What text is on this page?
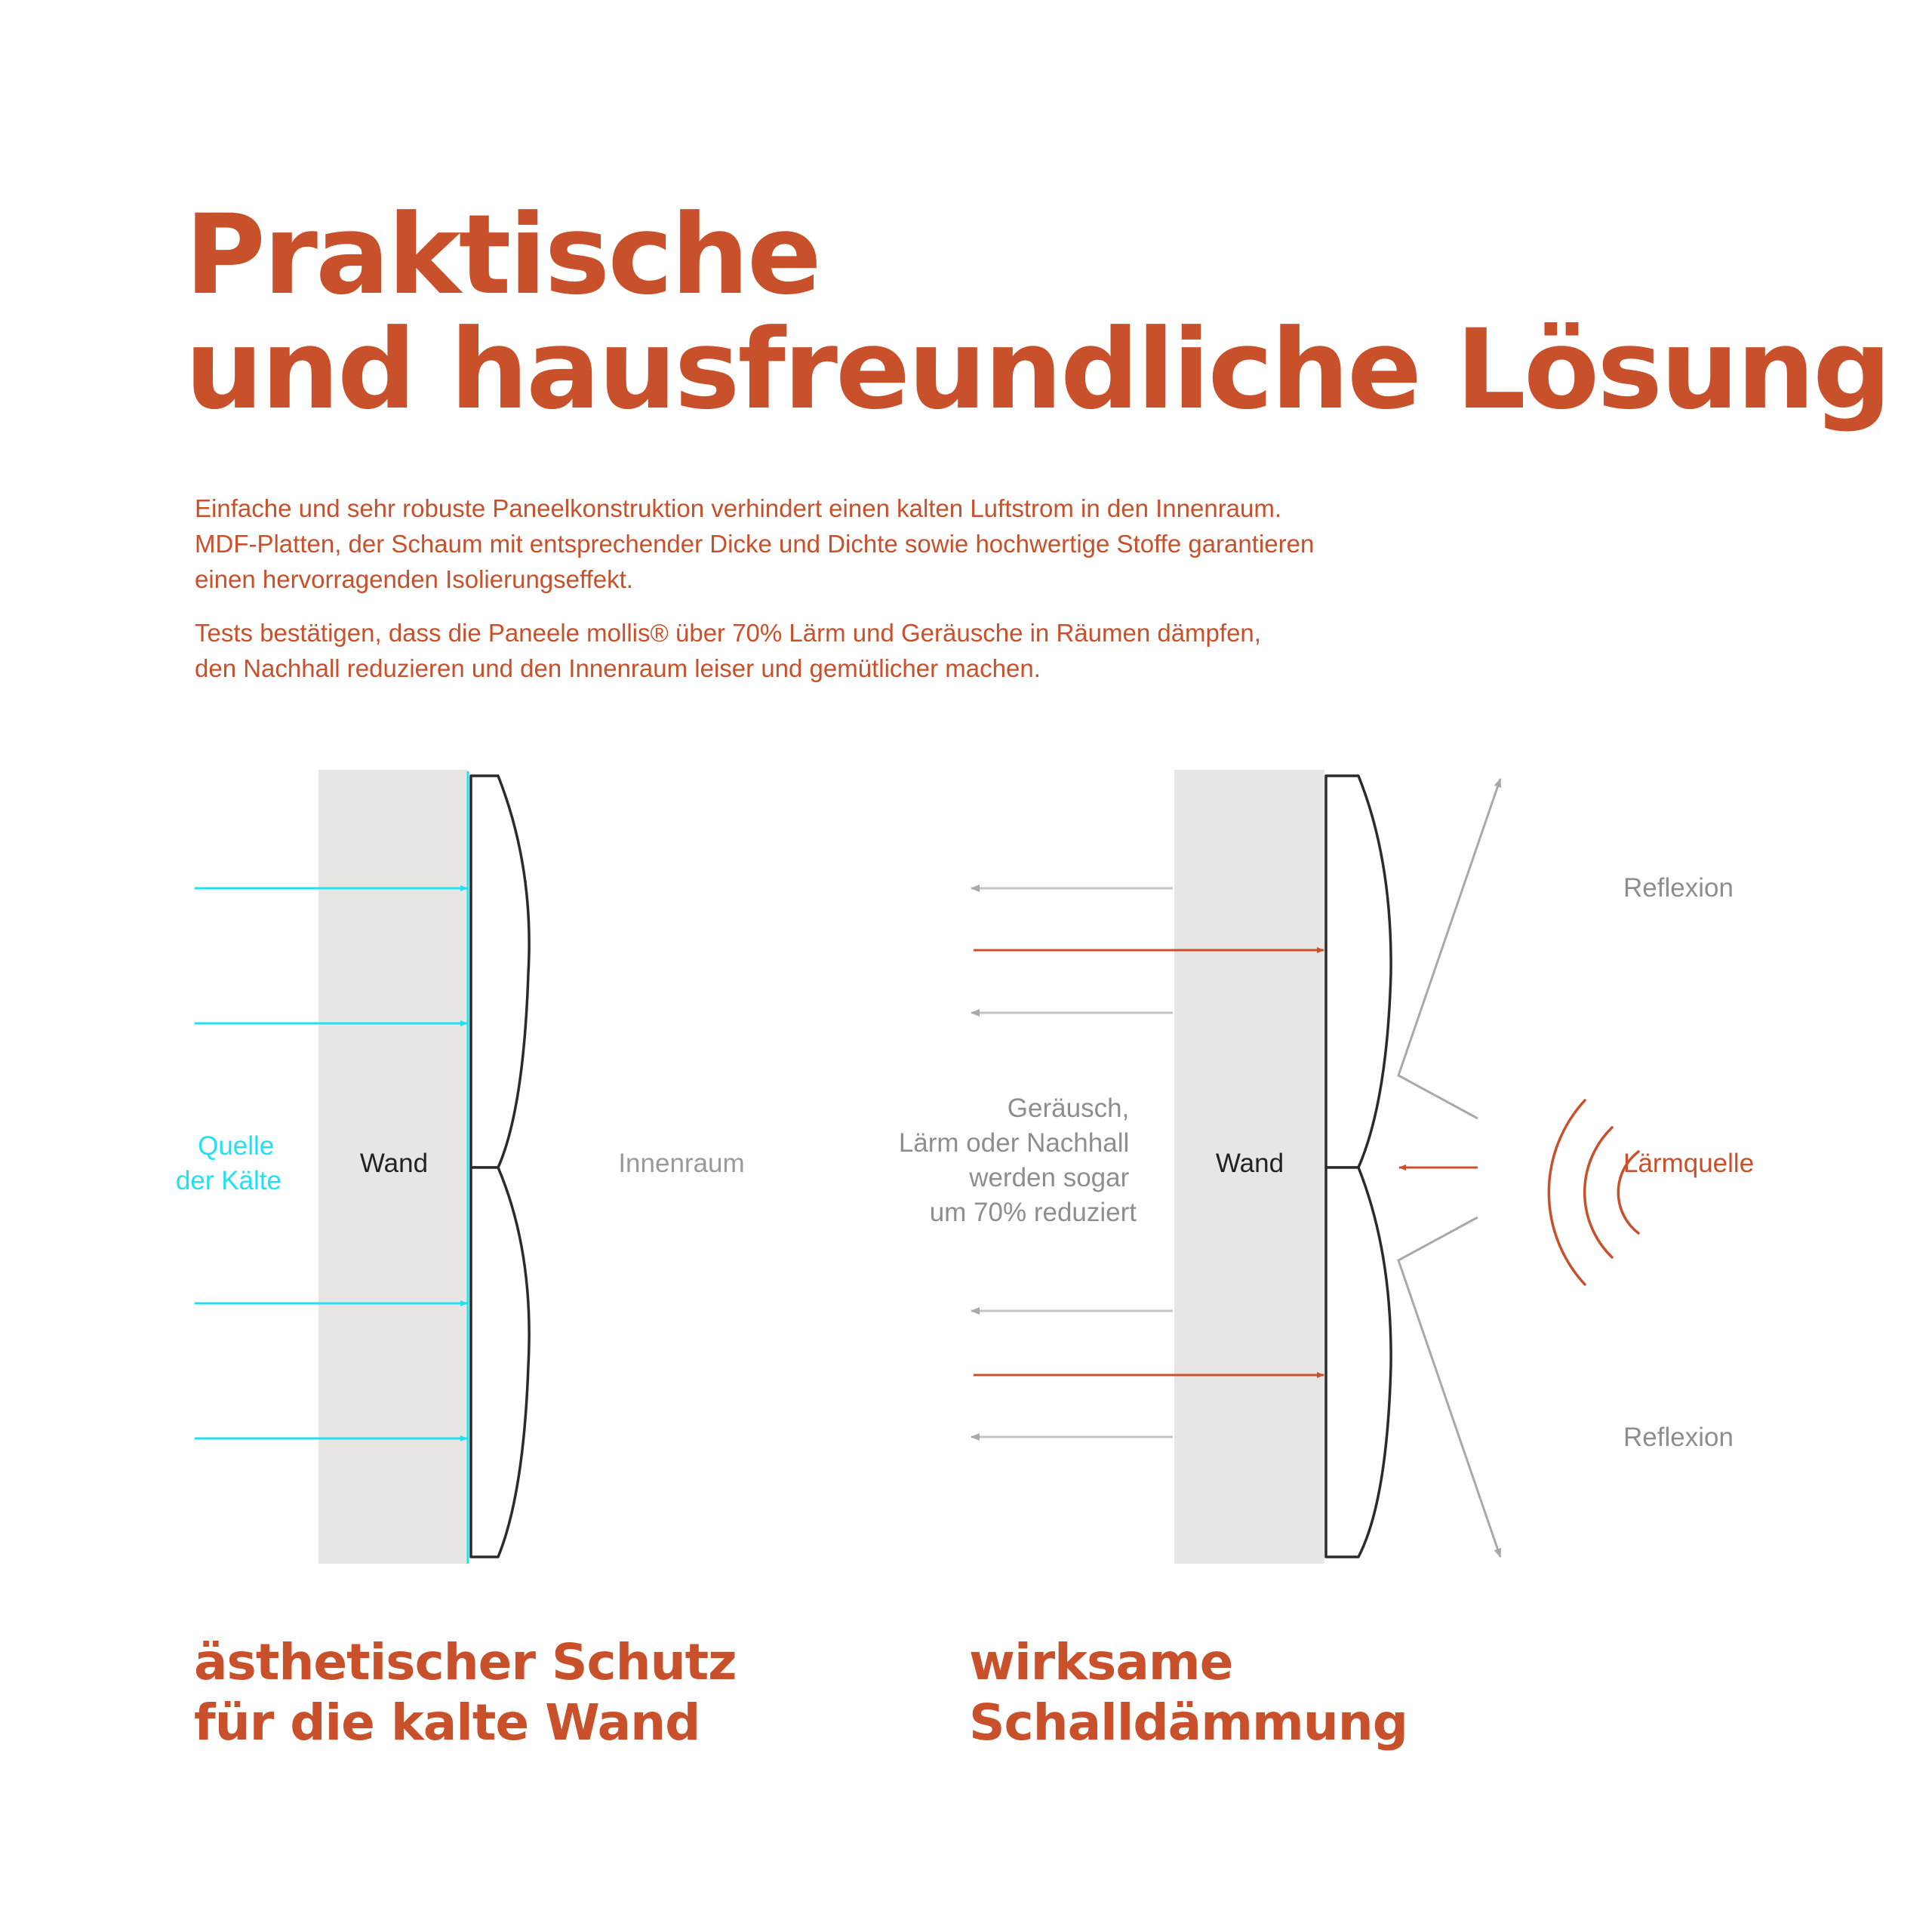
Praktische
und hausfreundliche Lösung

Einfache und sehr robuste Paneelkonstruktion verhindert einen kalten Luftstrom in den Innenraum.
MDF-Platten, der Schaum mit entsprechender Dicke und Dichte sowie hochwertige Stoffe garantieren
einen hervorragenden Isolierungseffekt.

Tests bestätigen, dass die Paneele mollis® über 70% Lärm und Geräusche in Räumen dämpfen,
den Nachhall reduzieren und den Innenraum leiser und gemütlicher machen.

Quelle der Kälte
Wand	Innenraum
Geräusch, Lärm oder Nachhall werden sogar um 70% reduziert
Wand
Reflexion
Reflexion
Lärmquelle
ästhetischer Schutz
für die kalte Wand
wirksame
Schalldämmung
